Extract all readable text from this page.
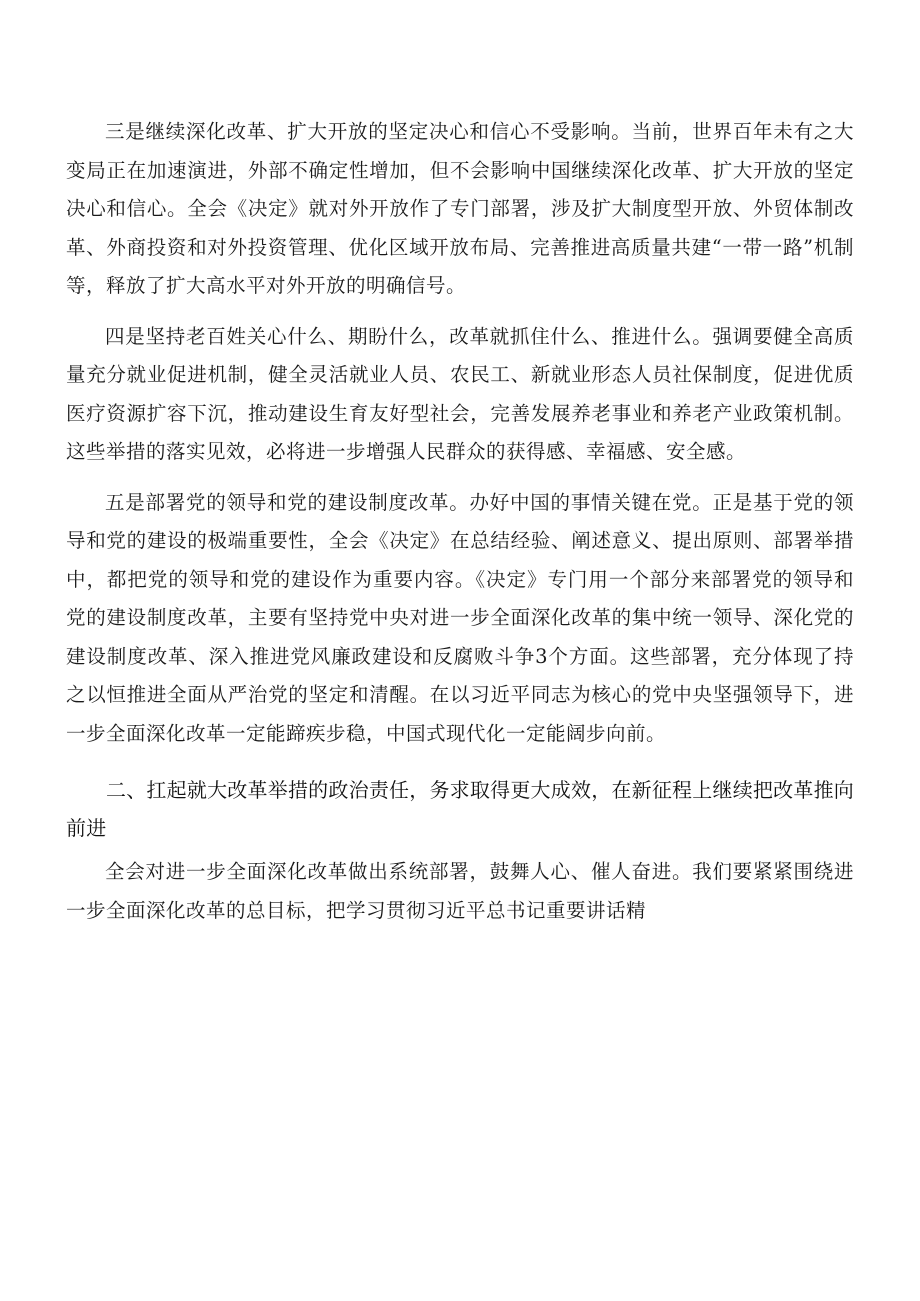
三是继续深化改革、扩大开放的坚定决心和信心不受影响。当前，世界百年未有之大变局正在加速演进，外部不确定性增加，但不会影响中国继续深化改革、扩大开放的坚定决心和信心。全会《决定》就对外开放作了专门部署，涉及扩大制度型开放、外贸体制改革、外商投资和对外投资管理、优化区域开放布局、完善推进高质量共建“一带一路”机制等，释放了扩大高水平对外开放的明确信号。

四是坚持老百姓关心什么、期盼什么，改革就抓住什么、推进什么。强调要健全高质量充分就业促进机制，健全灵活就业人员、农民工、新就业形态人员社保制度，促进优质医疗资源扩容下沉，推动建设生育友好型社会，完善发展养老事业和养老产业政策机制。这些举措的落实见效，必将进一步增强人民群众的获得感、幸福感、安全感。

五是部署党的领导和党的建设制度改革。办好中国的事情关键在党。正是基于党的领导和党的建设的极端重要性，全会《决定》在总结经验、阐述意义、提出原则、部署举措中，都把党的领导和党的建设作为重要内容。《决定》专门用一个部分来部署党的领导和党的建设制度改革，主要有坚持党中央对进一步全面深化改革的集中统一领导、深化党的建设制度改革、深入推进党风廉政建设和反腐败斗争3个方面。这些部署，充分体现了持之以恒推进全面从严治党的坚定和清醒。在以习近平同志为核心的党中央坚强领导下，进一步全面深化改革一定能蹄疾步稳，中国式现代化一定能阔步向前。

二、扛起就大改革举措的政治责任，务求取得更大成效，在新征程上继续把改革推向前进

全会对进一步全面深化改革做出系统部署，鼓舞人心、催人奋进。我们要紧紧围绕进一步全面深化改革的总目标，把学习贯彻习近平总书记重要讲话精
